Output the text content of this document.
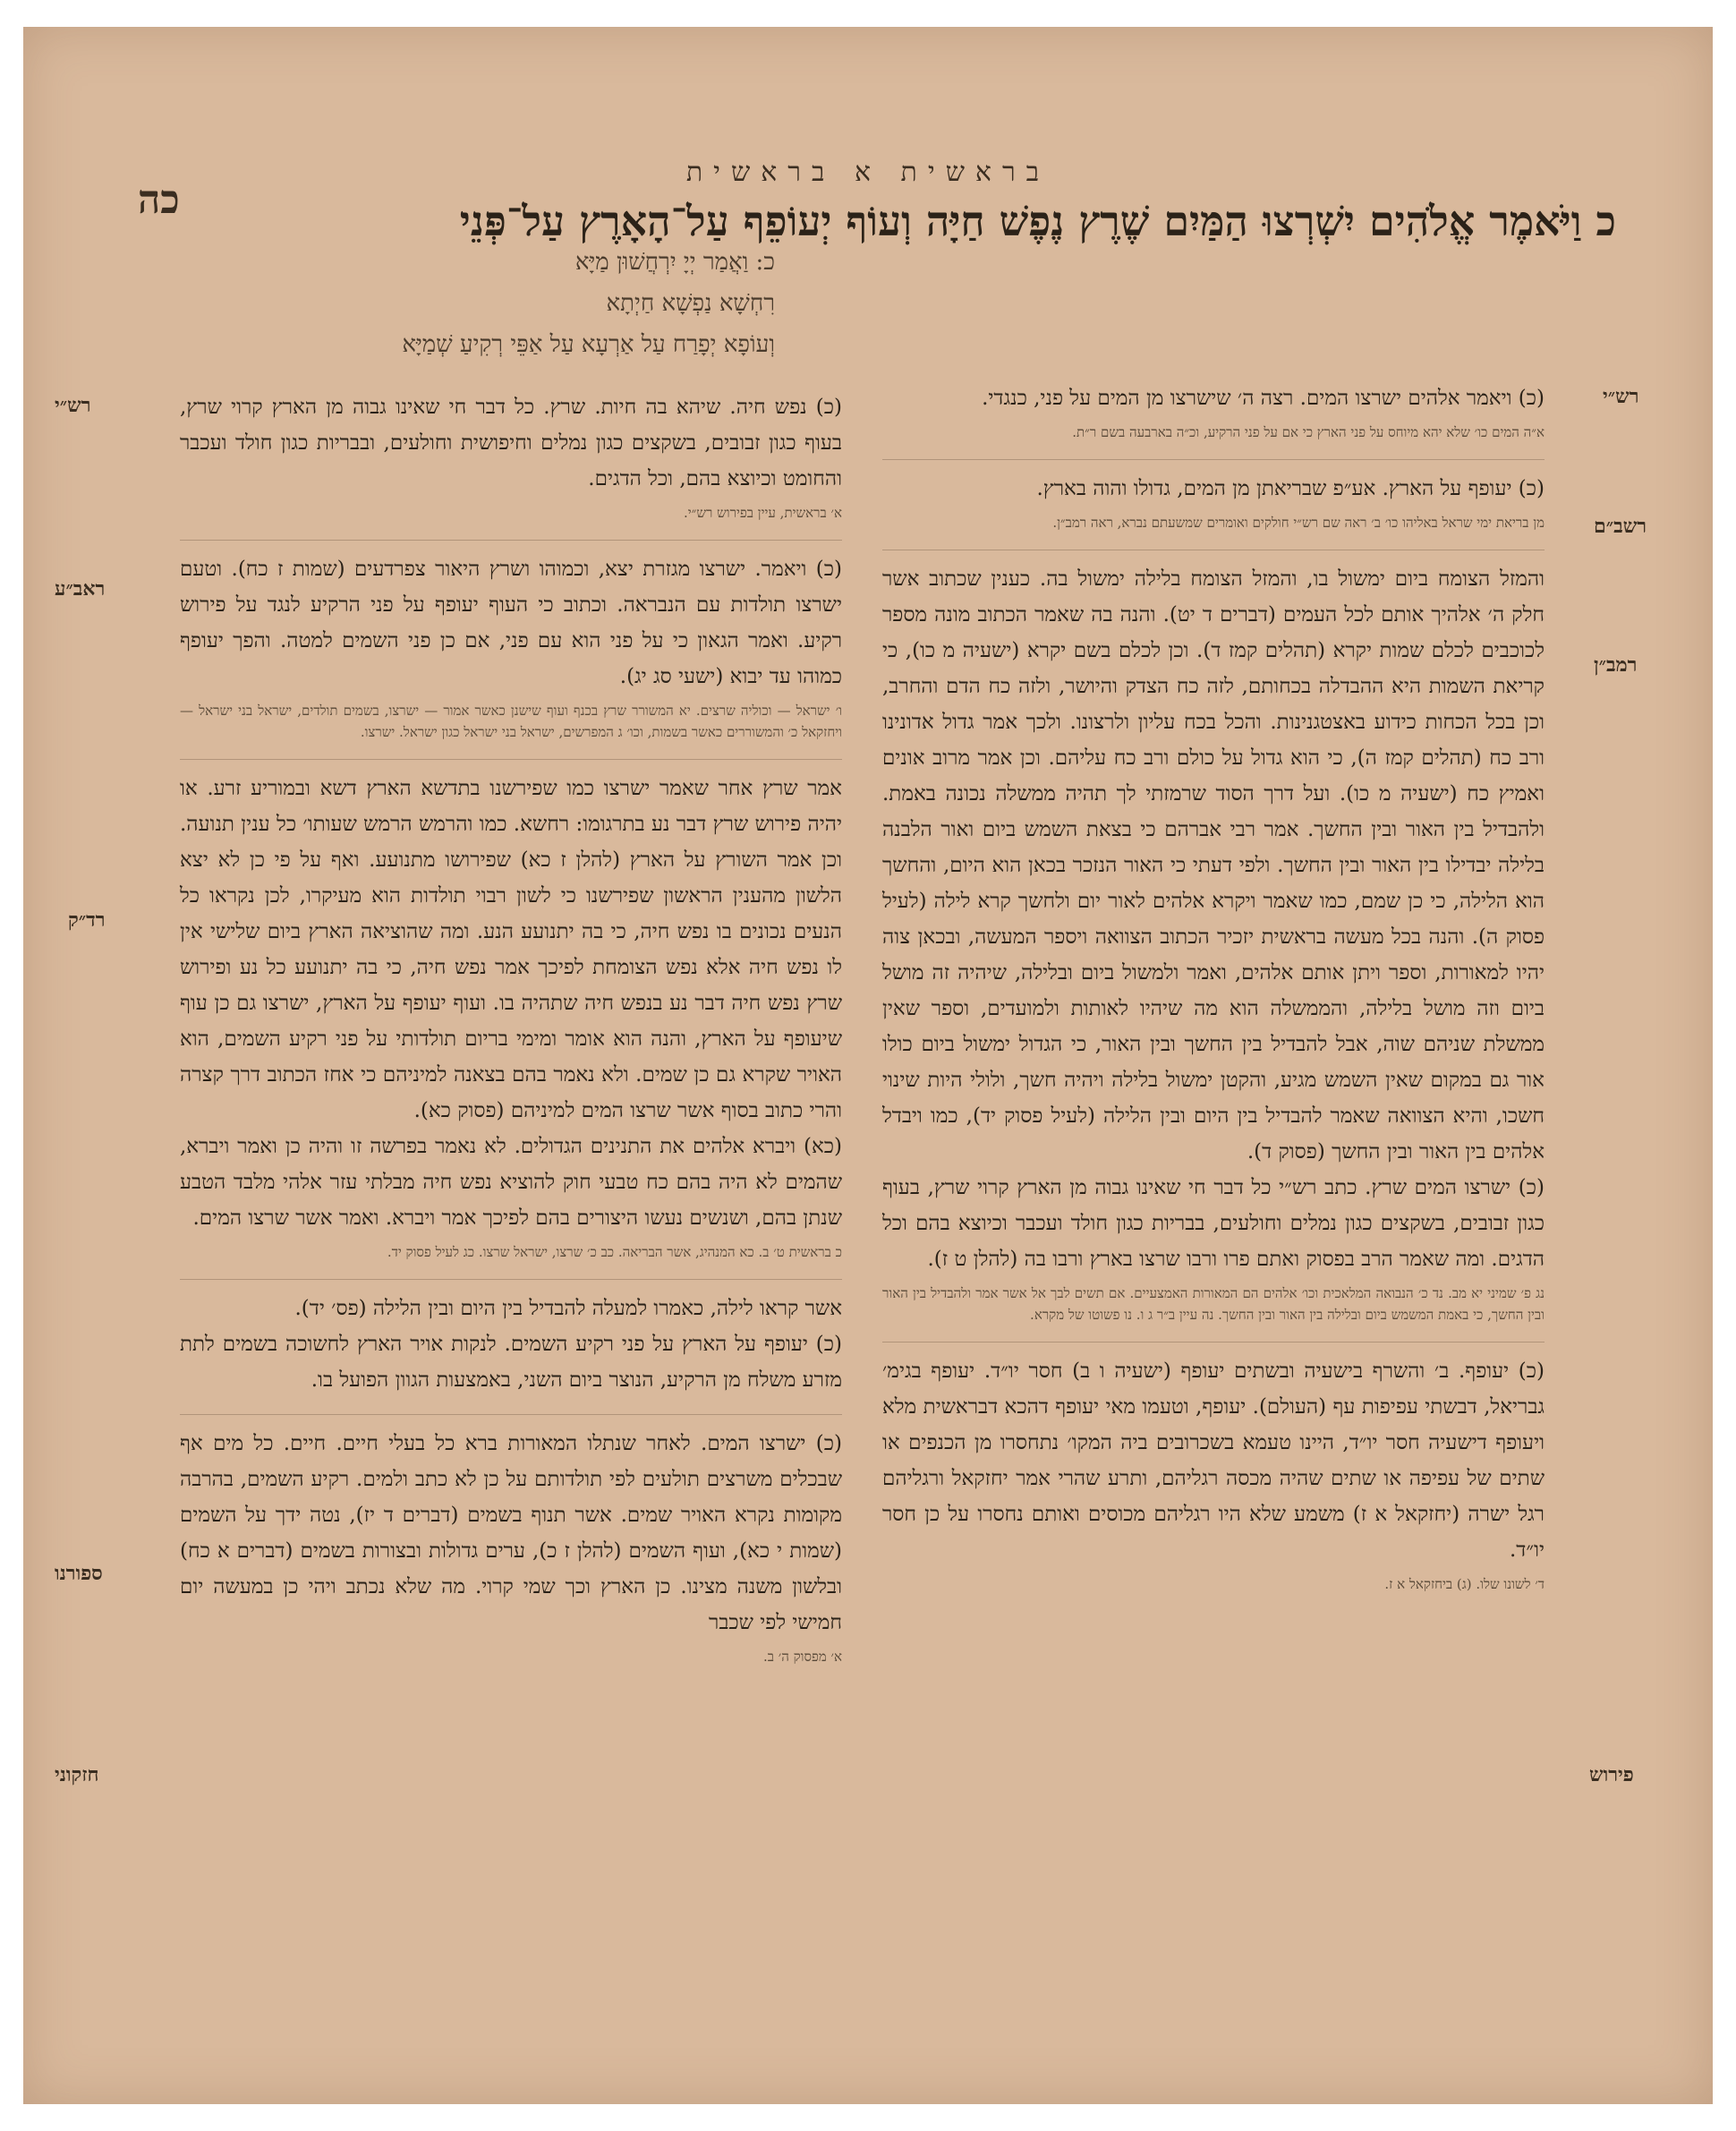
בראשית א בראשית
כה	כ וַיֹּאמֶר אֱלֹהִים יִשְׁרְצוּ הַמַּיִם שֶׁרֶץ נֶפֶשׁ חַיָּה וְעוֹף יְעוֹפֵף עַל־הָאָרֶץ עַל־פְּנֵי
כ: וַאֲמַר יְיָ יִרְחֲשׁוּן מַיָּא
רִחְשָׁא נַפְשָׁא חַיְתָא
וְעוֹפָא יְפָרַח עַל אַרְעָא עַל אַפֵּי רְקִיעַ שְׁמַיָּא
רש״י
רשב״ם
רמב״ן
פירוש
רש״י
ראב״ע
רד״ק
ספורנו
חזקוני
(כ) ויאמר אלהים ישרצו המים. רצה ה׳ שישרצו מן המים על פני, כנגדי.
א״ה המים כו׳ שלא יהא מיוחס על פני הארץ כי אם על פני הרקיע, וכ״ה בארבעה בשם ר״ת.
(כ) יעופף על הארץ. אע״פ שבריאתן מן המים, גדולו והוה בארץ.
מן בריאת ימי שראל באליהו כו׳ ב׳ ראה שם רש״י חולקים ואומרים שמשעתם נברא, ראה רמב״ן.
והמזל הצומח ביום ימשול בו, והמזל הצומח בלילה ימשול בה. כענין שכתוב אשר חלק ה׳ אלהיך אותם לכל העמים (דברים ד יט). והנה בה שאמר הכתוב מונה מספר לכוכבים לכלם שמות יקרא (תהלים קמז ד). וכן לכלם בשם יקרא (ישעיה מ כו), כי קריאת השמות היא ההבדלה בכחותם, לזה כח הצדק והיושר, ולזה כח הדם והחרב, וכן בכל הכחות כידוע באצטגנינות. והכל בכח עליון ולרצונו. ולכך אמר גדול אדונינו ורב כח (תהלים קמז ה), כי הוא גדול על כולם ורב כח עליהם. וכן אמר מרוב אונים ואמיץ כח (ישעיה מ כו). ועל דרך הסוד שרמזתי לך תהיה ממשלה נכונה באמת. ולהבדיל בין האור ובין החשך. אמר רבי אברהם כי בצאת השמש ביום ואור הלבנה בלילה יבדילו בין האור ובין החשך. ולפי דעתי כי האור הנזכר בכאן הוא היום, והחשך הוא הלילה, כי כן שמם, כמו שאמר ויקרא אלהים לאור יום ולחשך קרא לילה (לעיל פסוק ה). והנה בכל מעשה בראשית יזכיר הכתוב הצוואה ויספר המעשה, ובכאן צוה יהיו למאורות, וספר ויתן אותם אלהים, ואמר ולמשול ביום ובלילה, שיהיה זה מושל ביום וזה מושל בלילה, והממשלה הוא מה שיהיו לאותות ולמועדים, וספר שאין ממשלת שניהם שוה, אבל להבדיל בין החשך ובין האור, כי הגדול ימשול ביום כולו אור גם במקום שאין השמש מגיע, והקטן ימשול בלילה ויהיה חשך, ולולי היות שינוי חשכו, והיא הצוואה שאמר להבדיל בין היום ובין הלילה (לעיל פסוק יד), כמו ויבדל אלהים בין האור ובין החשך (פסוק ד).
(כ) ישרצו המים שרץ. כתב רש״י כל דבר חי שאינו גבוה מן הארץ קרוי שרץ, בעוף כגון זבובים, בשקצים כגון נמלים וחולעים, בבריות כגון חולד ועכבר וכיוצא בהם וכל הדגים. ומה שאמר הרב בפסוק ואתם פרו ורבו שרצו בארץ ורבו בה (להלן ט ז).
נג פ׳ שמיני יא מב. נד כ׳ הנבואה המלאכית וכו׳ אלהים הם המאורות האמצעיים. אם תשים לבך אל אשר אמר ולהבדיל בין האור ובין החשך, כי באמת המשמש ביום ובלילה בין האור ובין החשך. נה עיין ב״ר ג ו. נו פשוטו של מקרא.
(כ) יעופף. ב׳ והשרף בישעיה ובשתים יעופף (ישעיה ו ב) חסר יו״ד. יעופף בגימ׳ גבריאל, דבשתי עפיפות עף (העולם). יעופף, וטעמו מאי יעופף דהכא דבראשית מלא ויעופף דישעיה חסר יו״ד, היינו טעמא בשכרובים ביה המקו׳ נתחסרו מן הכנפים או שתים של עפיפה או שתים שהיה מכסה רגליהם, ותרע שהרי אמר יחזקאל ורגליהם רגל ישרה (יחזקאל א ז) משמע שלא היו רגליהם מכוסים ואותם נחסרו על כן חסר יו״ד.
ד׳ לשונו שלו. (ג) ביחזקאל א ז.
(כ) נפש חיה. שיהא בה חיות. שרץ. כל דבר חי שאינו גבוה מן הארץ קרוי שרץ, בעוף כגון זבובים, בשקצים כגון נמלים וחיפושית וחולעים, ובבריות כגון חולד ועכבר והחומט וכיוצא בהם, וכל הדגים.
א׳ בראשית, עיין בפירוש רש״י.
(כ) ויאמר. ישרצו מגזרת יצא, וכמוהו ושרץ היאור צפרדעים (שמות ז כח). וטעם ישרצו תולדות עם הנבראה. וכתוב כי העוף יעופף על פני הרקיע לנגד על פירוש רקיע. ואמר הגאון כי על פני הוא עם פני, אם כן פני השמים למטה. והפך יעופף כמוהו עד יבוא (ישעי סג יג).
ו׳ ישראל — וכוליה שרצים. יא המשורר שרץ בכנף ועוף שישנן כאשר אמור — ישרצו, בשמים תולדים, ישראל בני ישראל — ויחזקאל כ׳ והמשוררים כאשר בשמות, וכו׳ ג המפרשים, ישראל בני ישראל כגון ישראל. ישרצו.
אמר שרץ אחר שאמר ישרצו כמו שפירשנו בתדשא הארץ דשא ובמוריע זרע. או יהיה פירוש שרץ דבר נע בתרגומו: רחשא. כמו והרמש הרמש שעותו׳ כל ענין תנועה. וכן אמר השורץ על הארץ (להלן ז כא) שפירושו מתנועע. ואף על פי כן לא יצא הלשון מהענין הראשון שפירשנו כי לשון רבוי תולדות הוא מעיקרו, לכן נקראו כל הנעים נכונים בו נפש חיה, כי בה יתנועע הנע. ומה שהוציאה הארץ ביום שלישי אין לו נפש חיה אלא נפש הצומחת לפיכך אמר נפש חיה, כי בה יתנועע כל נע ופירוש שרץ נפש חיה דבר נע בנפש חיה שתהיה בו. ועוף יעופף על הארץ, ישרצו גם כן עוף שיעופף על הארץ, והנה הוא אומר ומימי בריום תולדותי על פני רקיע השמים, הוא האויר שקרא גם כן שמים. ולא נאמר בהם בצאנה למיניהם כי אחז הכתוב דרך קצרה והרי כתוב בסוף אשר שרצו המים למיניהם (פסוק כא).
(כא) ויברא אלהים את התנינים הגדולים. לא נאמר בפרשה זו והיה כן ואמר ויברא, שהמים לא היה בהם כח טבעי חוק להוציא נפש חיה מבלתי עזר אלהי מלבד הטבע שנתן בהם, ושנשים נעשו היצורים בהם לפיכך אמר ויברא. ואמר אשר שרצו המים.
כ בראשית ט׳ ב. כא המנהיג, אשר הבריאה. כב כ׳ שרצו, ישראל שרצו. כג לעיל פסוק יד.
אשר קראו לילה, כאמרו למעלה להבדיל בין היום ובין הלילה (פס׳ יד).
(כ) יעופף על הארץ על פני רקיע השמים. לנקות אויר הארץ לחשוכה בשמים לתת מזרע משלח מן הרקיע, הנוצר ביום השני, באמצעות הגוון הפועל בו.
(כ) ישרצו המים. לאחר שנתלו המאורות ברא כל בעלי חיים. חיים. כל מים אף שבכלים משרצים תולעים לפי תולדותם על כן לא כתב ולמים. רקיע השמים, בהרבה מקומות נקרא האויר שמים. אשר תנוף בשמים (דברים ד יז), נטה ידך על השמים (שמות י כא), ועוף השמים (להלן ז כ), ערים גדולות ובצורות בשמים (דברים א כח) ובלשון משנה מצינו. כן הארץ וכך שמי קרוי. מה שלא נכתב ויהי כן במעשה יום חמישי לפי שכבר
א׳ מפסוק ה׳ ב.
